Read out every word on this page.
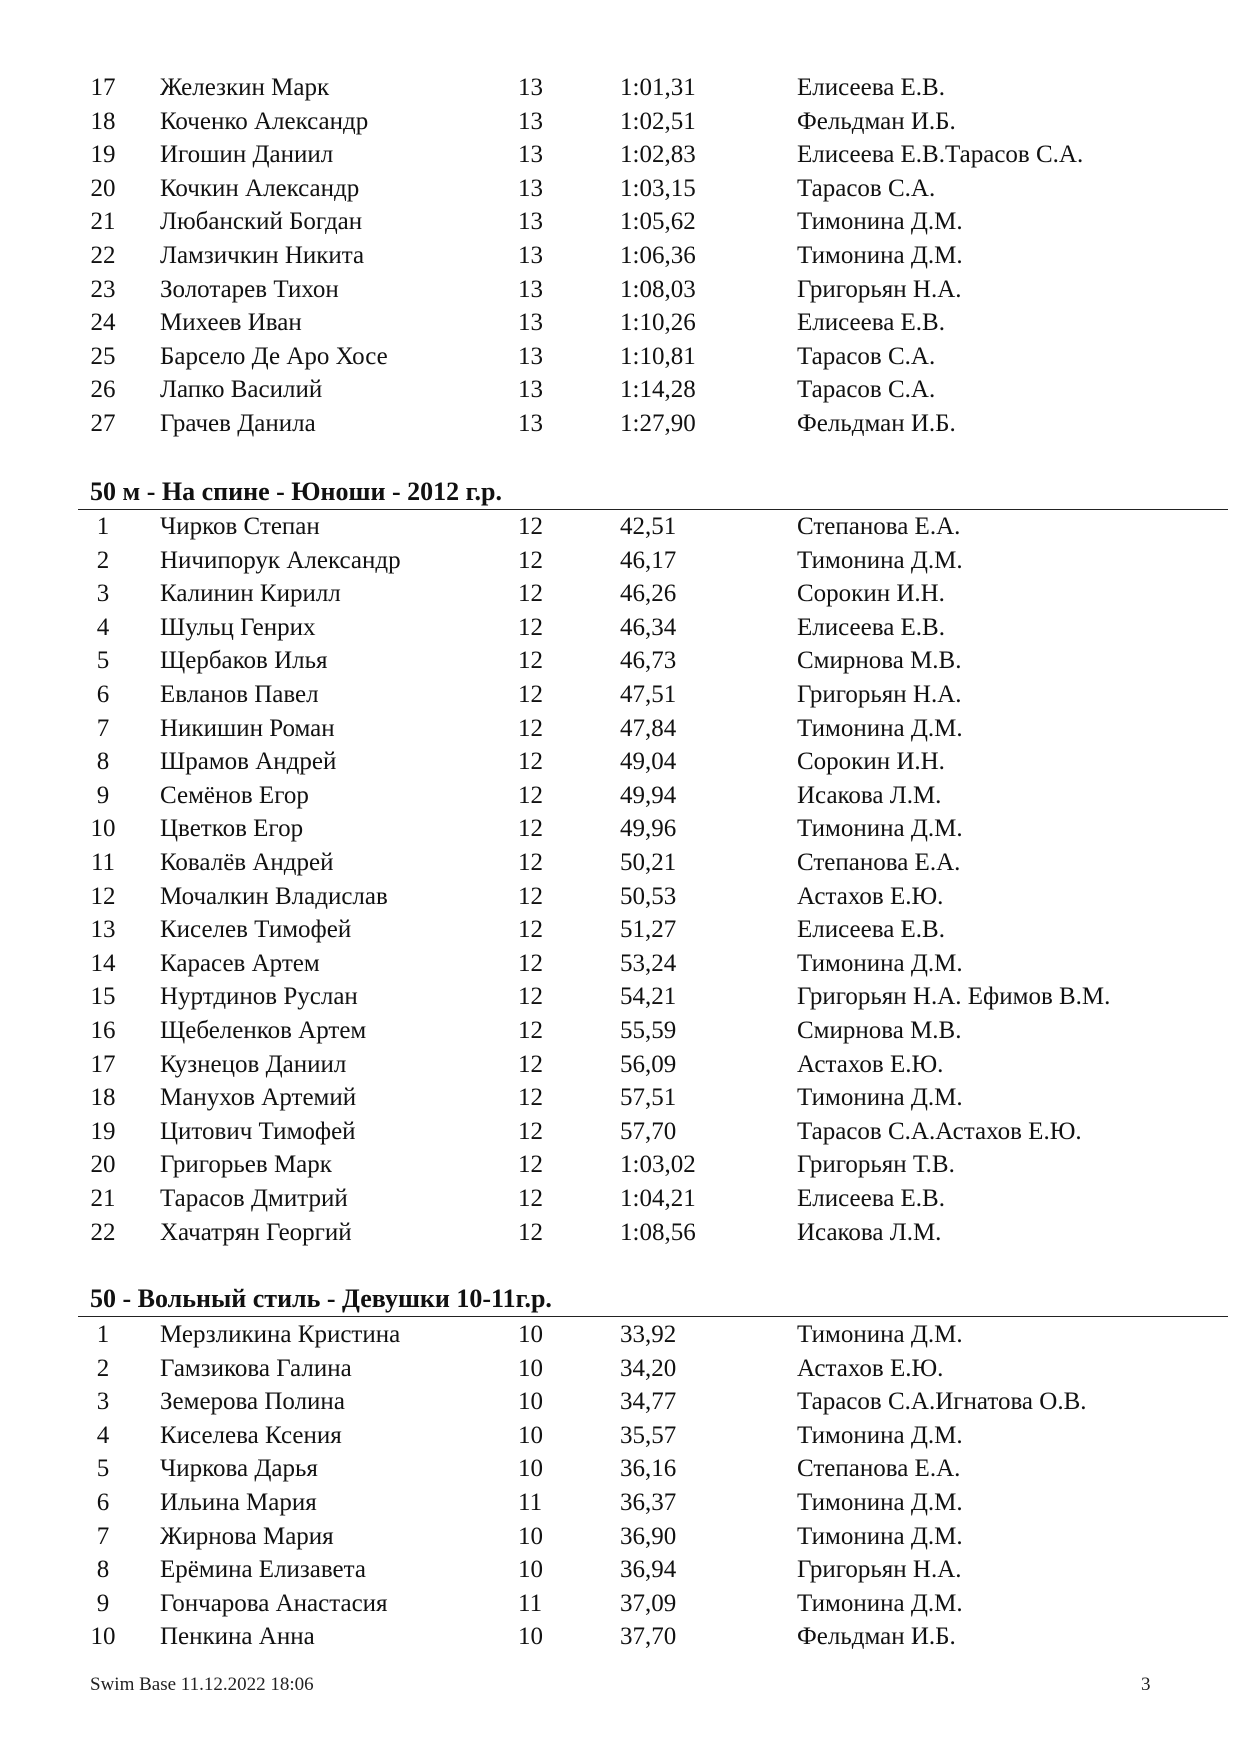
17	Железкин Марк	13	1:01,31	Елисеева Е.В.
18	Коченко Александр	13	1:02,51	Фельдман И.Б.
19	Игошин Даниил	13	1:02,83	Елисеева Е.В.Тарасов С.А.
20	Кочкин Александр	13	1:03,15	Тарасов С.А.
21	Любанский Богдан	13	1:05,62	Тимонина Д.М.
22	Ламзичкин Никита	13	1:06,36	Тимонина Д.М.
23	Золотарев Тихон	13	1:08,03	Григорьян Н.А.
24	Михеев Иван	13	1:10,26	Елисеева Е.В.
25	Барсело Де Аро Хосе	13	1:10,81	Тарасов С.А.
26	Лапко Василий	13	1:14,28	Тарасов С.А.
27	Грачев Данила	13	1:27,90	Фельдман И.Б.
50 м - На спине - Юноши - 2012 г.р.
1	Чирков Степан	12	42,51	Степанова Е.А.
2	Ничипорук Александр	12	46,17	Тимонина Д.М.
3	Калинин Кирилл	12	46,26	Сорокин И.Н.
4	Шульц Генрих	12	46,34	Елисеева Е.В.
5	Щербаков Илья	12	46,73	Смирнова М.В.
6	Евланов Павел	12	47,51	Григорьян Н.А.
7	Никишин Роман	12	47,84	Тимонина Д.М.
8	Шрамов Андрей	12	49,04	Сорокин И.Н.
9	Семёнов Егор	12	49,94	Исакова Л.М.
10	Цветков Егор	12	49,96	Тимонина Д.М.
11	Ковалёв Андрей	12	50,21	Степанова Е.А.
12	Мочалкин Владислав	12	50,53	Астахов Е.Ю.
13	Киселев Тимофей	12	51,27	Елисеева Е.В.
14	Карасев Артем	12	53,24	Тимонина Д.М.
15	Нуртдинов Руслан	12	54,21	Григорьян Н.А. Ефимов В.М.
16	Щебеленков Артем	12	55,59	Смирнова М.В.
17	Кузнецов Даниил	12	56,09	Астахов Е.Ю.
18	Манухов Артемий	12	57,51	Тимонина Д.М.
19	Цитович Тимофей	12	57,70	Тарасов С.А.Астахов Е.Ю.
20	Григорьев Марк	12	1:03,02	Григорьян Т.В.
21	Тарасов Дмитрий	12	1:04,21	Елисеева Е.В.
22	Хачатрян Георгий	12	1:08,56	Исакова Л.М.
50 - Вольный стиль - Девушки 10-11г.р.
1	Мерзликина Кристина	10	33,92	Тимонина Д.М.
2	Гамзикова Галина	10	34,20	Астахов Е.Ю.
3	Земерова Полина	10	34,77	Тарасов С.А.Игнатова О.В.
4	Киселева Ксения	10	35,57	Тимонина Д.М.
5	Чиркова Дарья	10	36,16	Степанова Е.А.
6	Ильина Мария	11	36,37	Тимонина Д.М.
7	Жирнова Мария	10	36,90	Тимонина Д.М.
8	Ерёмина Елизавета	10	36,94	Григорьян Н.А.
9	Гончарова Анастасия	11	37,09	Тимонина Д.М.
10	Пенкина Анна	10	37,70	Фельдман И.Б.
Swim Base 11.12.2022 18:06	3
